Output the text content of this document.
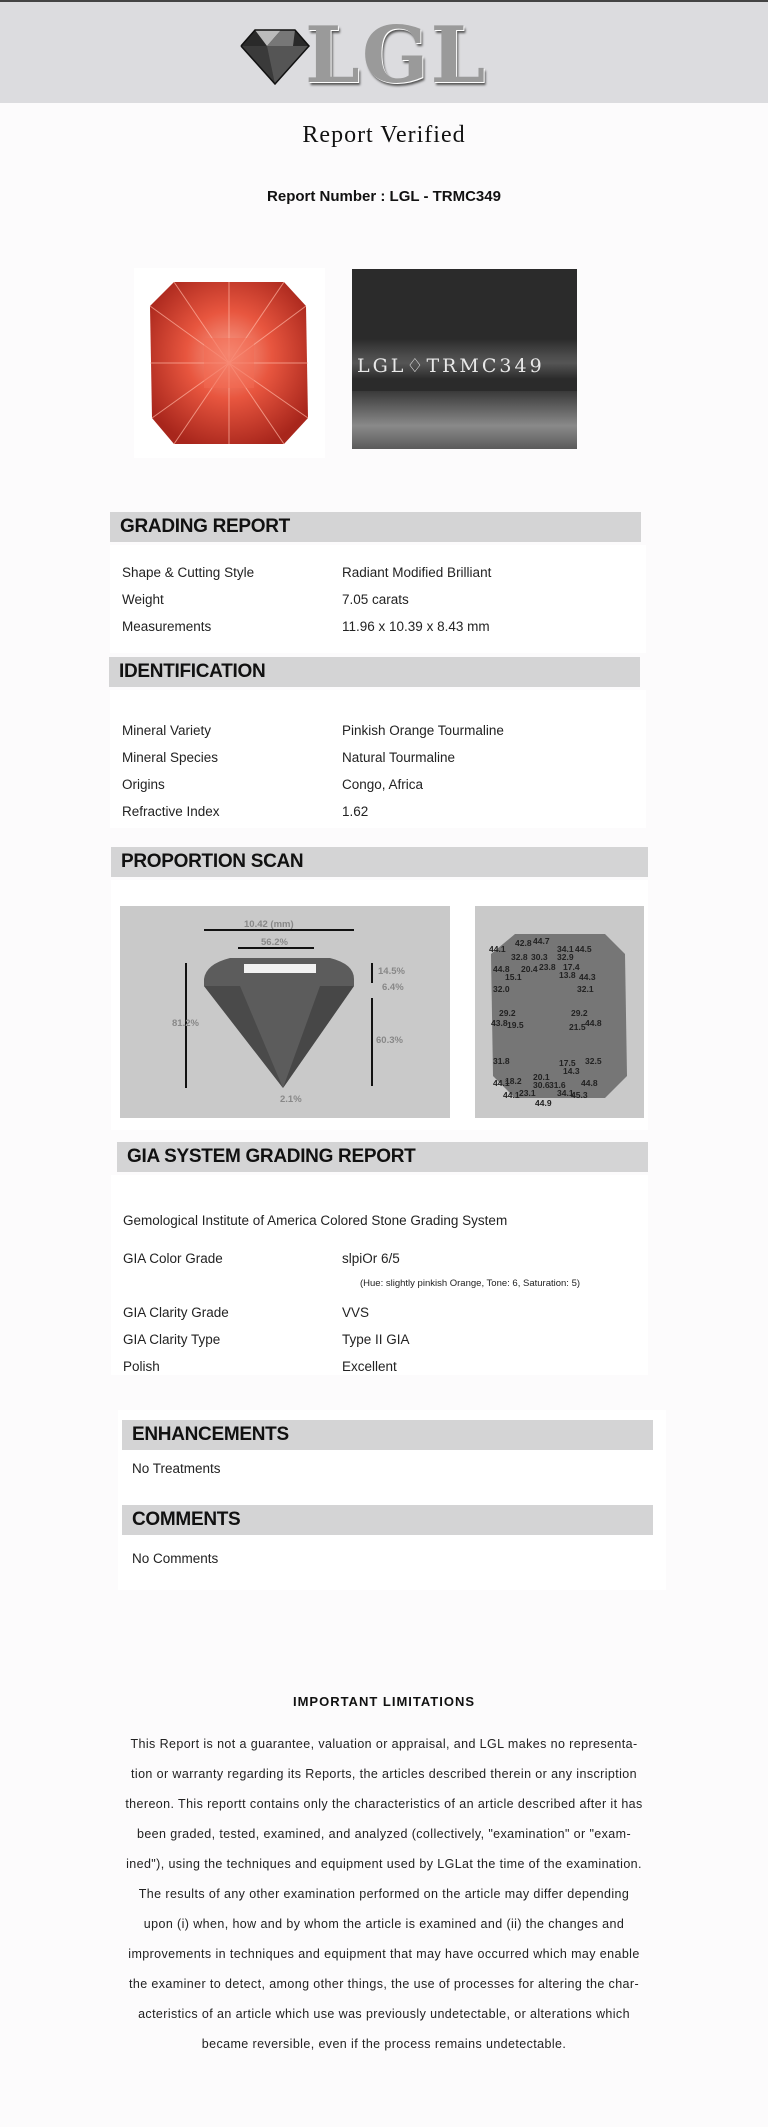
LGL
Report Verified
Report Number : LGL - TRMC349
LGL♢TRMC349
GRADING REPORT
Shape & Cutting Style	Radiant Modified Brilliant
Weight	7.05 carats
Measurements	11.96 x 10.39 x 8.43 mm
IDENTIFICATION
Mineral Variety	Pinkish Orange Tourmaline
Mineral Species	Natural Tourmaline
Origins	Congo, Africa
Refractive Index	1.62
PROPORTION SCAN
10.42 (mm)
56.2%
81.2%
14.5%
6.4%
60.3%
2.1%
44.1
42.8 44.7
34.1 44.5
32.8 30.3 32.9
44.8 20.4 23.8 17.4
44.3
15.1	13.8
32.0	32.1
29.2	29.2
43.8 19.5	21.5 44.8
31.8	17.5 32.5
14.3
20.1
44.1
18.2 30.6 31.6 44.8
44.1 23.1	34.1
45.3
44.9
GIA SYSTEM GRADING REPORT
Gemological Institute of America Colored Stone Grading System
GIA Color Grade	slpiOr 6/5
(Hue: slightly pinkish Orange, Tone: 6, Saturation: 5)
GIA Clarity Grade	VVS
GIA Clarity Type	Type II GIA
Polish	Excellent
ENHANCEMENTS
No Treatments
COMMENTS
No Comments
IMPORTANT LIMITATIONS
This Report is not a guarantee, valuation or appraisal, and LGL makes no representa-
tion or warranty regarding its Reports, the articles described therein or any inscription
thereon. This reportt contains only the characteristics of an article described after it has
been graded, tested, examined, and analyzed (collectively, "examination" or "exam-
ined"), using the techniques and equipment used by LGLat the time of the examination.
The results of any other examination performed on the article may differ depending
upon (i) when, how and by whom the article is examined and (ii) the changes and
improvements in techniques and equipment that may have occurred which may enable
the examiner to detect, among other things, the use of processes for altering the char-
acteristics of an article which use was previously undetectable, or alterations which
became reversible, even if the process remains undetectable.
